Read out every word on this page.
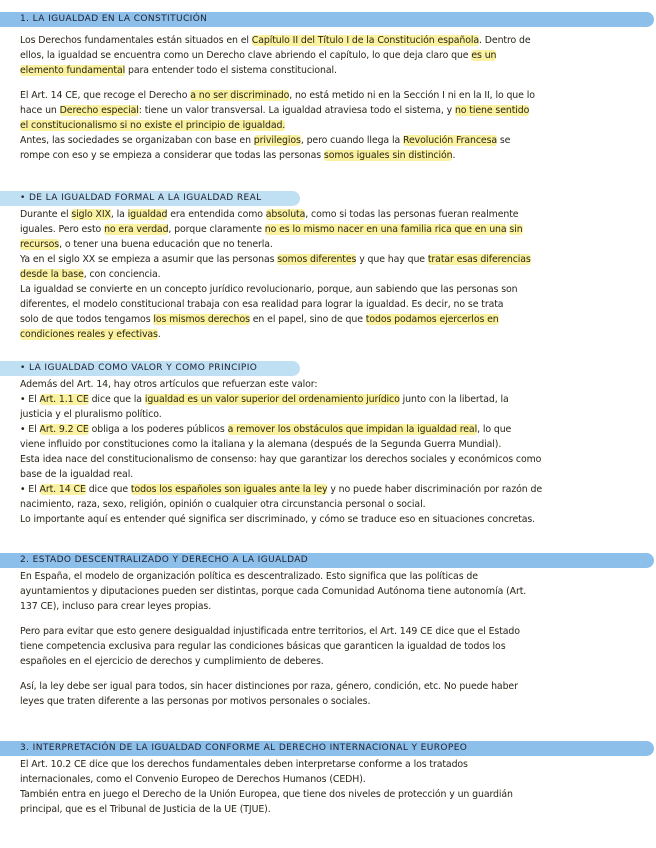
1. LA IGUALDAD EN LA CONSTITUCIÓN
Los Derechos fundamentales están situados en el Capítulo II del Título I de la Constitución española. Dentro de
ellos, la igualdad se encuentra como un Derecho clave abriendo el capítulo, lo que deja claro que es un
elemento fundamental para entender todo el sistema constitucional.
El Art. 14 CE, que recoge el Derecho a no ser discriminado, no está metido ni en la Sección I ni en la II, lo que lo
hace un Derecho especial: tiene un valor transversal. La igualdad atraviesa todo el sistema, y no tiene sentido
el constitucionalismo si no existe el principio de igualdad.
Antes, las sociedades se organizaban con base en privilegios, pero cuando llega la Revolución Francesa se
rompe con eso y se empieza a considerar que todas las personas somos iguales sin distinción.
• DE LA IGUALDAD FORMAL A LA IGUALDAD REAL
Durante el siglo XIX, la igualdad era entendida como absoluta, como si todas las personas fueran realmente
iguales. Pero esto no era verdad, porque claramente no es lo mismo nacer en una familia rica que en una sin
recursos, o tener una buena educación que no tenerla.
Ya en el siglo XX se empieza a asumir que las personas somos diferentes y que hay que tratar esas diferencias
desde la base, con conciencia.
La igualdad se convierte en un concepto jurídico revolucionario, porque, aun sabiendo que las personas son
diferentes, el modelo constitucional trabaja con esa realidad para lograr la igualdad. Es decir, no se trata
solo de que todos tengamos los mismos derechos en el papel, sino de que todos podamos ejercerlos en
condiciones reales y efectivas.
• LA IGUALDAD COMO VALOR Y COMO PRINCIPIO
Además del Art. 14, hay otros artículos que refuerzan este valor:
• El Art. 1.1 CE dice que la igualdad es un valor superior del ordenamiento jurídico junto con la libertad, la
justicia y el pluralismo político.
• El Art. 9.2 CE obliga a los poderes públicos a remover los obstáculos que impidan la igualdad real, lo que
viene influido por constituciones como la italiana y la alemana (después de la Segunda Guerra Mundial).
Esta idea nace del constitucionalismo de consenso: hay que garantizar los derechos sociales y económicos como
base de la igualdad real.
• El Art. 14 CE dice que todos los españoles son iguales ante la ley y no puede haber discriminación por razón de
nacimiento, raza, sexo, religión, opinión o cualquier otra circunstancia personal o social.
Lo importante aquí es entender qué significa ser discriminado, y cómo se traduce eso en situaciones concretas.
2. ESTADO DESCENTRALIZADO Y DERECHO A LA IGUALDAD
En España, el modelo de organización política es descentralizado. Esto significa que las políticas de
ayuntamientos y diputaciones pueden ser distintas, porque cada Comunidad Autónoma tiene autonomía (Art.
137 CE), incluso para crear leyes propias.
Pero para evitar que esto genere desigualdad injustificada entre territorios, el Art. 149 CE dice que el Estado
tiene competencia exclusiva para regular las condiciones básicas que garanticen la igualdad de todos los
españoles en el ejercicio de derechos y cumplimiento de deberes.
Así, la ley debe ser igual para todos, sin hacer distinciones por raza, género, condición, etc. No puede haber
leyes que traten diferente a las personas por motivos personales o sociales.
3. INTERPRETACIÓN DE LA IGUALDAD CONFORME AL DERECHO INTERNACIONAL Y EUROPEO
El Art. 10.2 CE dice que los derechos fundamentales deben interpretarse conforme a los tratados
internacionales, como el Convenio Europeo de Derechos Humanos (CEDH).
También entra en juego el Derecho de la Unión Europea, que tiene dos niveles de protección y un guardián
principal, que es el Tribunal de Justicia de la UE (TJUE).
